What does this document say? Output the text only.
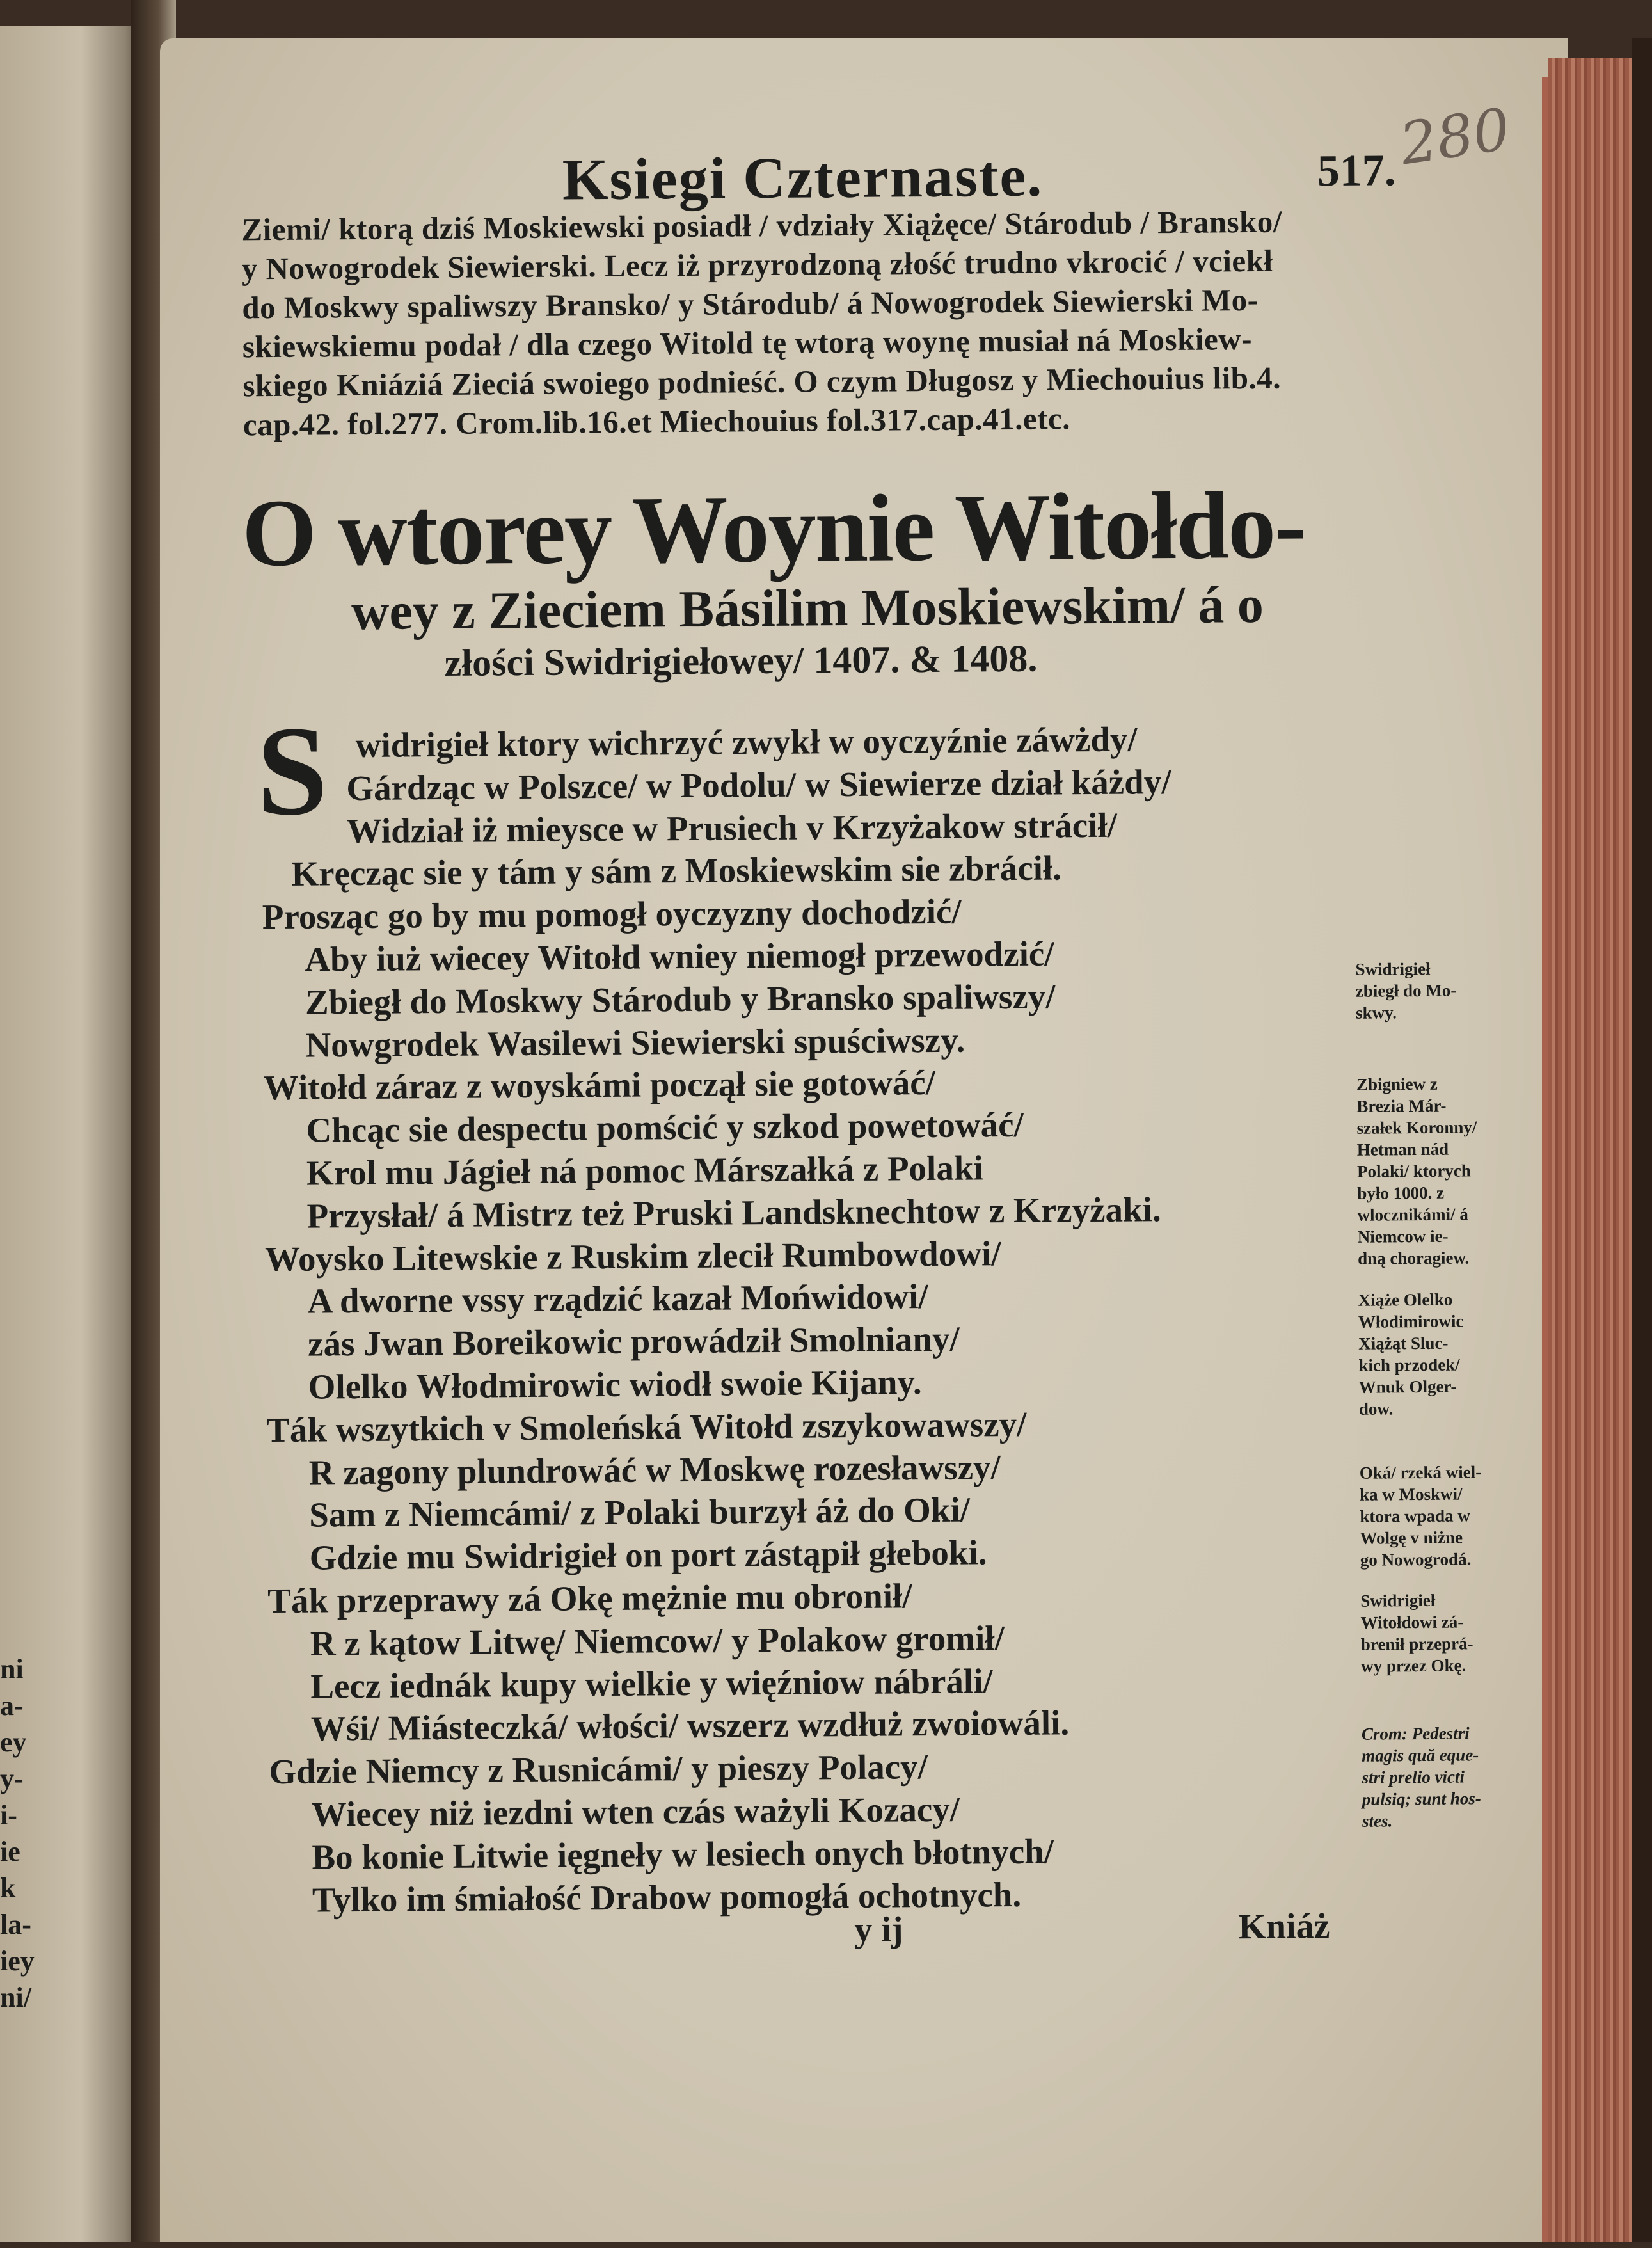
ni
a-
ey
y-
i-
ie
k
la-
iey
ni/
Ksiegi Czternaste.	517. 280
Ziemi/ ktorą dziś Moskiewski posiadł / vdziały Xiążęce/ Stárodub / Bransko/
y Nowogrodek Siewierski. Lecz iż przyrodzoną złość trudno vkrocić / vciekł
do Moskwy spaliwszy Bransko/ y Stárodub/ á Nowogrodek Siewierski Mo-
skiewskiemu podał / dla czego Witold tę wtorą woynę musiał ná Moskiew-
skiego Kniáziá Zieciá swoiego podnieść. O czym Długosz y Miechouius lib.4.
cap.42. fol.277. Crom.lib.16.et Miechouius fol.317.cap.41.etc.
O wtorey Woynie Witołdo-
wey z Zieciem Básilim Moskiewskim/ á o
złości Swidrigiełowey/ 1407. & 1408.
S widrigieł ktory wichrzyć zwykł w oyczyźnie záwżdy/
Gárdząc w Polszce/ w Podolu/ w Siewierze dział káżdy/
Widział iż mieysce w Prusiech v Krzyżakow strácił/
Kręcząc sie y tám y sám z Moskiewskim sie zbrácił.
Prosząc go by mu pomogł oyczyzny dochodzić/
Aby iuż wiecey Witołd wniey niemogł przewodzić/
Zbiegł do Moskwy Stárodub y Bransko spaliwszy/
Nowgrodek Wasilewi Siewierski spuściwszy.
Witołd záraz z woyskámi począł sie gotowáć/
Chcąc sie despectu pomścić y szkod powetowáć/
Krol mu Jágieł ná pomoc Márszałká z Polaki
Przysłał/ á Mistrz też Pruski Landsknechtow z Krzyżaki.
Woysko Litewskie z Ruskim zlecił Rumbowdowi/
A dworne vssy rządzić kazał Mońwidowi/
zás Jwan Boreikowic prowádził Smolniany/
Olelko Włodmirowic wiodł swoie Kijany.
Ták wszytkich v Smoleńská Witołd zszykowawszy/
R zagony plundrowáć w Moskwę rozesławszy/
Sam z Niemcámi/ z Polaki burzył áż do Oki/
Gdzie mu Swidrigieł on port zástąpił głeboki.
Ták przeprawy zá Okę mężnie mu obronił/
R z kątow Litwę/ Niemcow/ y Polakow gromił/
Lecz iednák kupy wielkie y więźniow nábráli/
Wśi/ Miásteczká/ włości/ wszerz wzdłuż zwoiowáli.
Gdzie Niemcy z Rusnicámi/ y pieszy Polacy/
Wiecey niż iezdni wten czás ważyli Kozacy/
Bo konie Litwie ięgneły w lesiech onych błotnych/
Tylko im śmiałość Drabow pomogłá ochotnych.
y ij	Kniáż
Swidrigieł
zbiegł do Mo-
skwy.
Zbigniew z
Brezia Már-
szałek Koronny/
Hetman nád
Polaki/ ktorych
było 1000. z
wlocznikámi/ á
Niemcow ie-
dną choragiew.
Xiąże Olelko
Włodimirowic
Xiążąt Sluc-
kich przodek/
Wnuk Olger-
dow.
Oká/ rzeká wiel-
ka w Moskwi/
ktora wpada w
Wolgę v niżne
go Nowogrodá.
Swidrigieł
Witołdowi zá-
brenił przeprá-
wy przez Okę.
Crom: Pedestri
magis quă eque-
stri prelio victi
pulsiq; sunt hos-
stes.
